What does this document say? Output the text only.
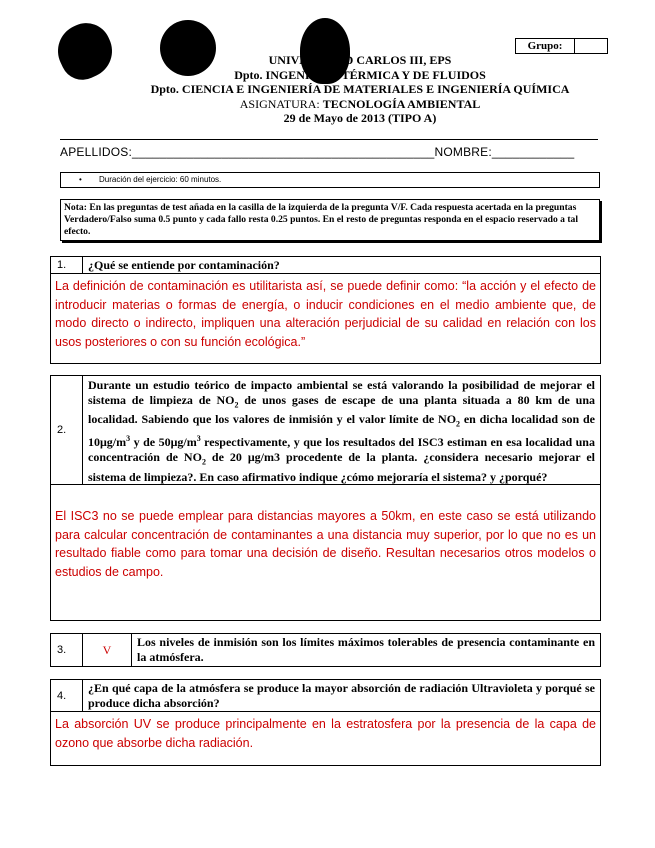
Grupo:
UNIVERSIDAD CARLOS III, EPS
Dpto. INGENIERÍA TÉRMICA Y DE FLUIDOS
Dpto. CIENCIA E INGENIERÍA DE MATERIALES E INGENIERÍA QUÍMICA
ASIGNATURA: TECNOLOGÍA AMBIENTAL
29 de Mayo de 2013 (TIPO A)
APELLIDOS:____________________________________________NOMBRE:____________
• Duración del ejercicio: 60 minutos.
Nota: En las preguntas de test añada en la casilla de la izquierda de la pregunta V/F. Cada respuesta acertada en la preguntas Verdadero/Falso suma 0.5 punto y cada fallo resta 0.25 puntos. En el resto de preguntas responda en el espacio reservado a tal efecto.
1.	¿Qué se entiende por contaminación?
La definición de contaminación es utilitarista así, se puede definir como: “la acción y el efecto de introducir materias o formas de energía, o inducir condiciones en el medio ambiente que, de modo directo o indirecto, impliquen una alteración perjudicial de su calidad en relación con los usos posteriores o con su función ecológica.”
2.
Durante un estudio teórico de impacto ambiental se está valorando la posibilidad de mejorar el sistema de limpieza de $NO_2$ de unos gases de escape de una planta situada a 80 km de una localidad. Sabiendo que los valores de inmisión y el valor límite de $NO_2$ en dicha localidad son de $10\mu g/m^3$ y de $50\mu g/m^3$ respectivamente, y que los resultados del ISC3 estiman en esa localidad una concentración de $NO_2$ de 20 μg/m3 procedente de la planta. ¿considera necesario mejorar el sistema de limpieza?. En caso afirmativo indique ¿cómo mejoraría el sistema? y ¿porqué?
El ISC3 no se puede emplear para distancias mayores a 50km, en este caso se está utilizando para calcular concentración de contaminantes a una distancia muy superior, por lo que no es un resultado fiable como para tomar una decisión de diseño. Resultan necesarios otros modelos o estudios de campo.
3.	V
Los niveles de inmisión son los límites máximos tolerables de presencia contaminante en la atmósfera.
4.
¿En qué capa de la atmósfera se produce la mayor absorción de radiación Ultravioleta y porqué se produce dicha absorción?
La absorción UV se produce principalmente en la estratosfera por la presencia de la capa de ozono que absorbe dicha radiación.
